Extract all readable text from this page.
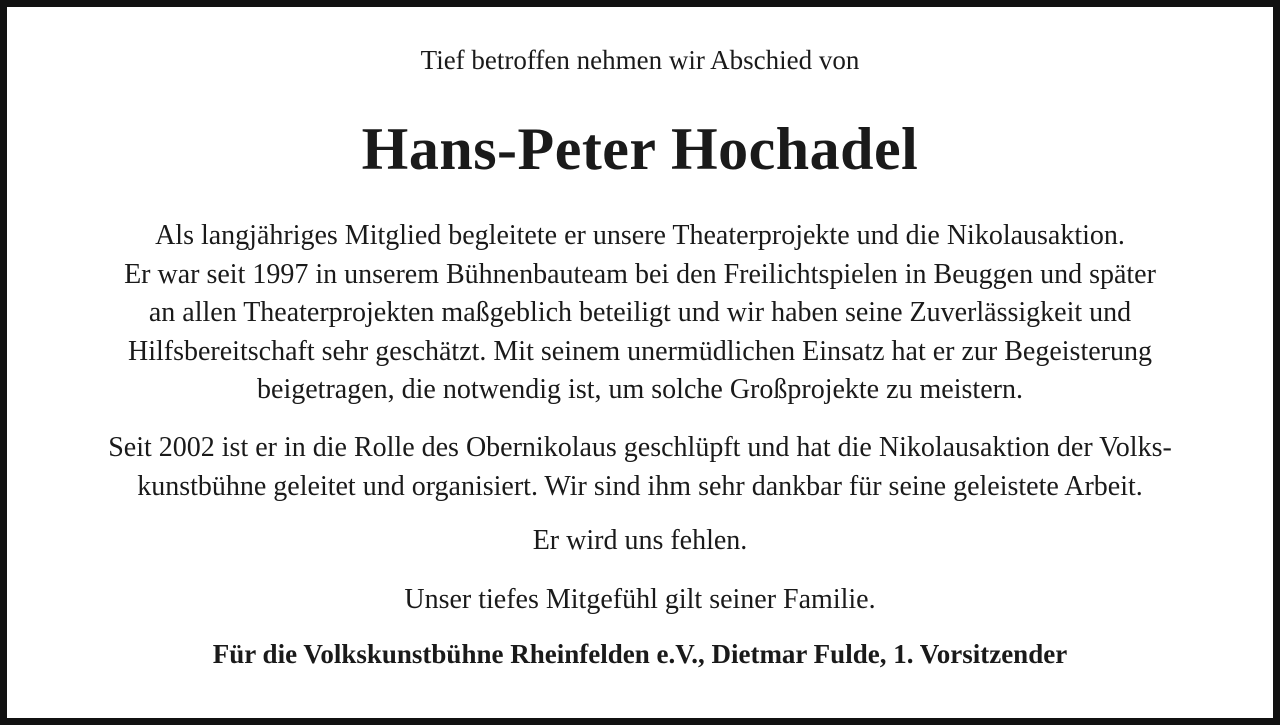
Tief betroffen nehmen wir Abschied von
Hans-Peter Hochadel
Als langjähriges Mitglied begleitete er unsere Theaterprojekte und die Nikolausaktion.
Er war seit 1997 in unserem Bühnenbauteam bei den Freilichtspielen in Beuggen und später
an allen Theaterprojekten maßgeblich beteiligt und wir haben seine Zuverlässigkeit und
Hilfsbereitschaft sehr geschätzt. Mit seinem unermüdlichen Einsatz hat er zur Begeisterung
beigetragen, die notwendig ist, um solche Großprojekte zu meistern.
Seit 2002 ist er in die Rolle des Obernikolaus geschlüpft und hat die Nikolausaktion der Volks-
kunstbühne geleitet und organisiert. Wir sind ihm sehr dankbar für seine geleistete Arbeit.
Er wird uns fehlen.
Unser tiefes Mitgefühl gilt seiner Familie.
Für die Volkskunstbühne Rheinfelden e.V., Dietmar Fulde, 1. Vorsitzender
